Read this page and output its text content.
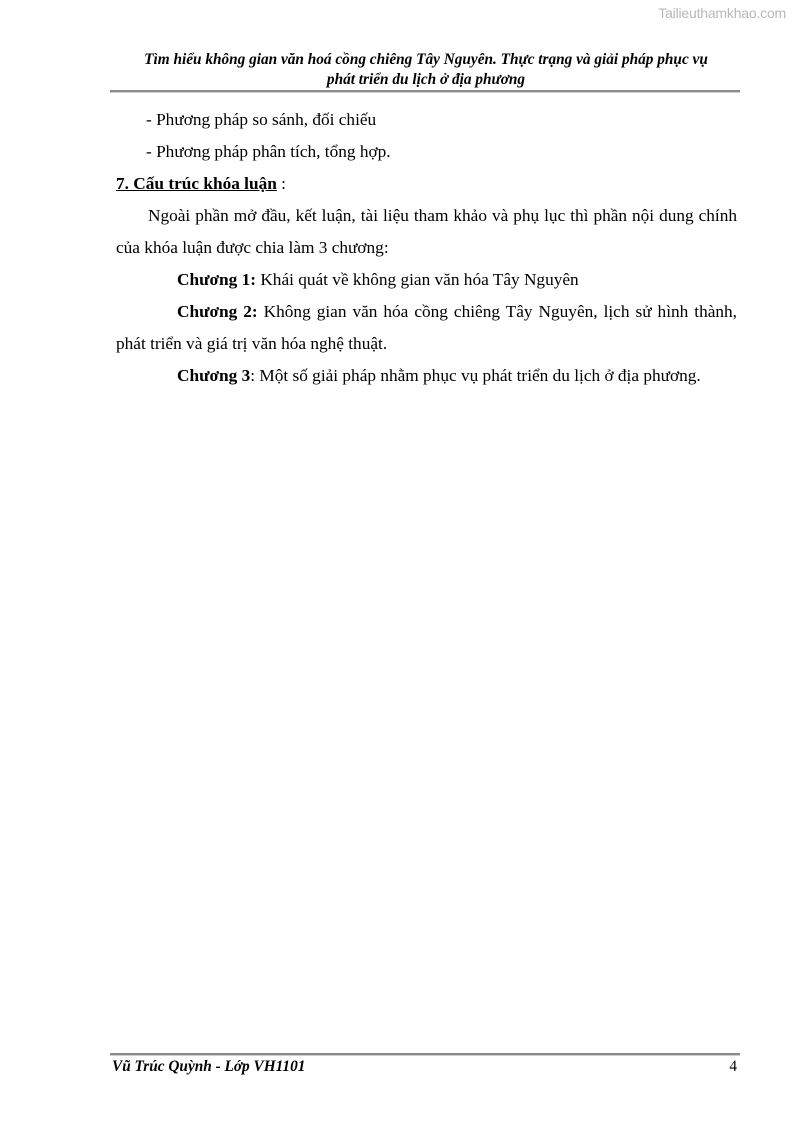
Tailieuthamkhao.com
Tìm hiểu không gian văn hoá cồng chiêng Tây Nguyên. Thực trạng và giải pháp phục vụ
phát triển du lịch ở địa phương

- Phương pháp so sánh, đối chiếu

- Phương pháp phân tích, tổng hợp.

7. Cấu trúc khóa luận :

Ngoài phần mở đầu, kết luận, tài liệu tham khảo và phụ lục thì phần nội dung chính của khóa luận được chia làm 3 chương:

Chương 1: Khái quát về không gian văn hóa Tây Nguyên

Chương 2: Không gian văn hóa cồng chiêng Tây Nguyên, lịch sử hình thành, phát triển và giá trị văn hóa nghệ thuật.

Chương 3: Một số giải pháp nhằm phục vụ phát triển du lịch ở địa phương.

Vũ Trúc Quỳnh - Lớp VH1101	4
